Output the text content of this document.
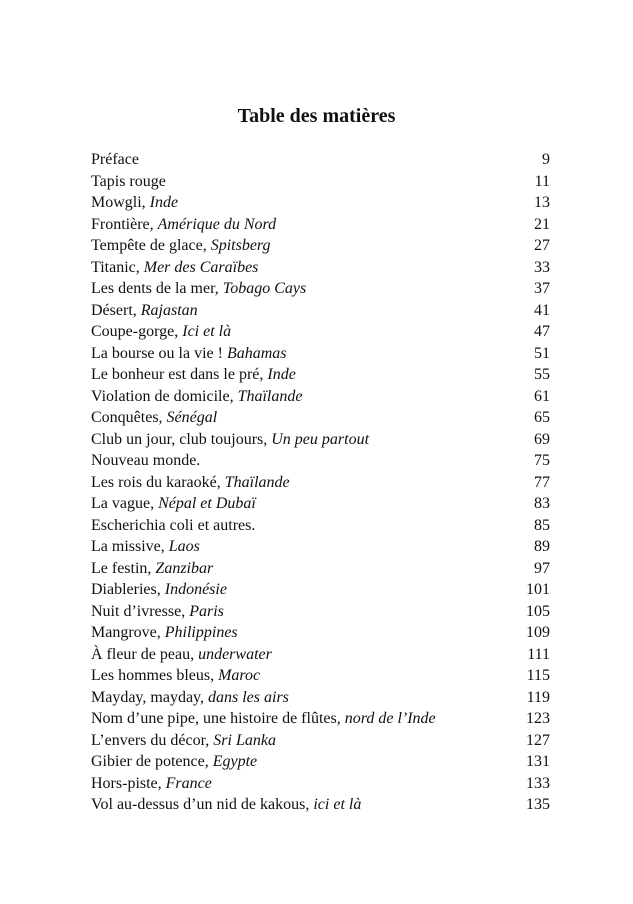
Table des matières
Préface	9
Tapis rouge	11
Mowgli, Inde	13
Frontière, Amérique du Nord	21
Tempête de glace, Spitsberg	27
Titanic, Mer des Caraïbes	33
Les dents de la mer, Tobago Cays	37
Désert, Rajastan	41
Coupe-gorge, Ici et là	47
La bourse ou la vie ! Bahamas	51
Le bonheur est dans le pré, Inde	55
Violation de domicile, Thaïlande	61
Conquêtes, Sénégal	65
Club un jour, club toujours, Un peu partout	69
Nouveau monde.	75
Les rois du karaoké, Thaïlande	77
La vague, Népal et Dubaï	83
Escherichia coli et autres.	85
La missive, Laos	89
Le festin, Zanzibar	97
Diableries, Indonésie	101
Nuit d’ivresse, Paris	105
Mangrove, Philippines	109
À fleur de peau, underwater	111
Les hommes bleus, Maroc	115
Mayday, mayday, dans les airs	119
Nom d’une pipe, une histoire de flûtes, nord de l’Inde	123
L’envers du décor, Sri Lanka	127
Gibier de potence, Egypte	131
Hors-piste, France	133
Vol au-dessus d’un nid de kakous, ici et là	135
